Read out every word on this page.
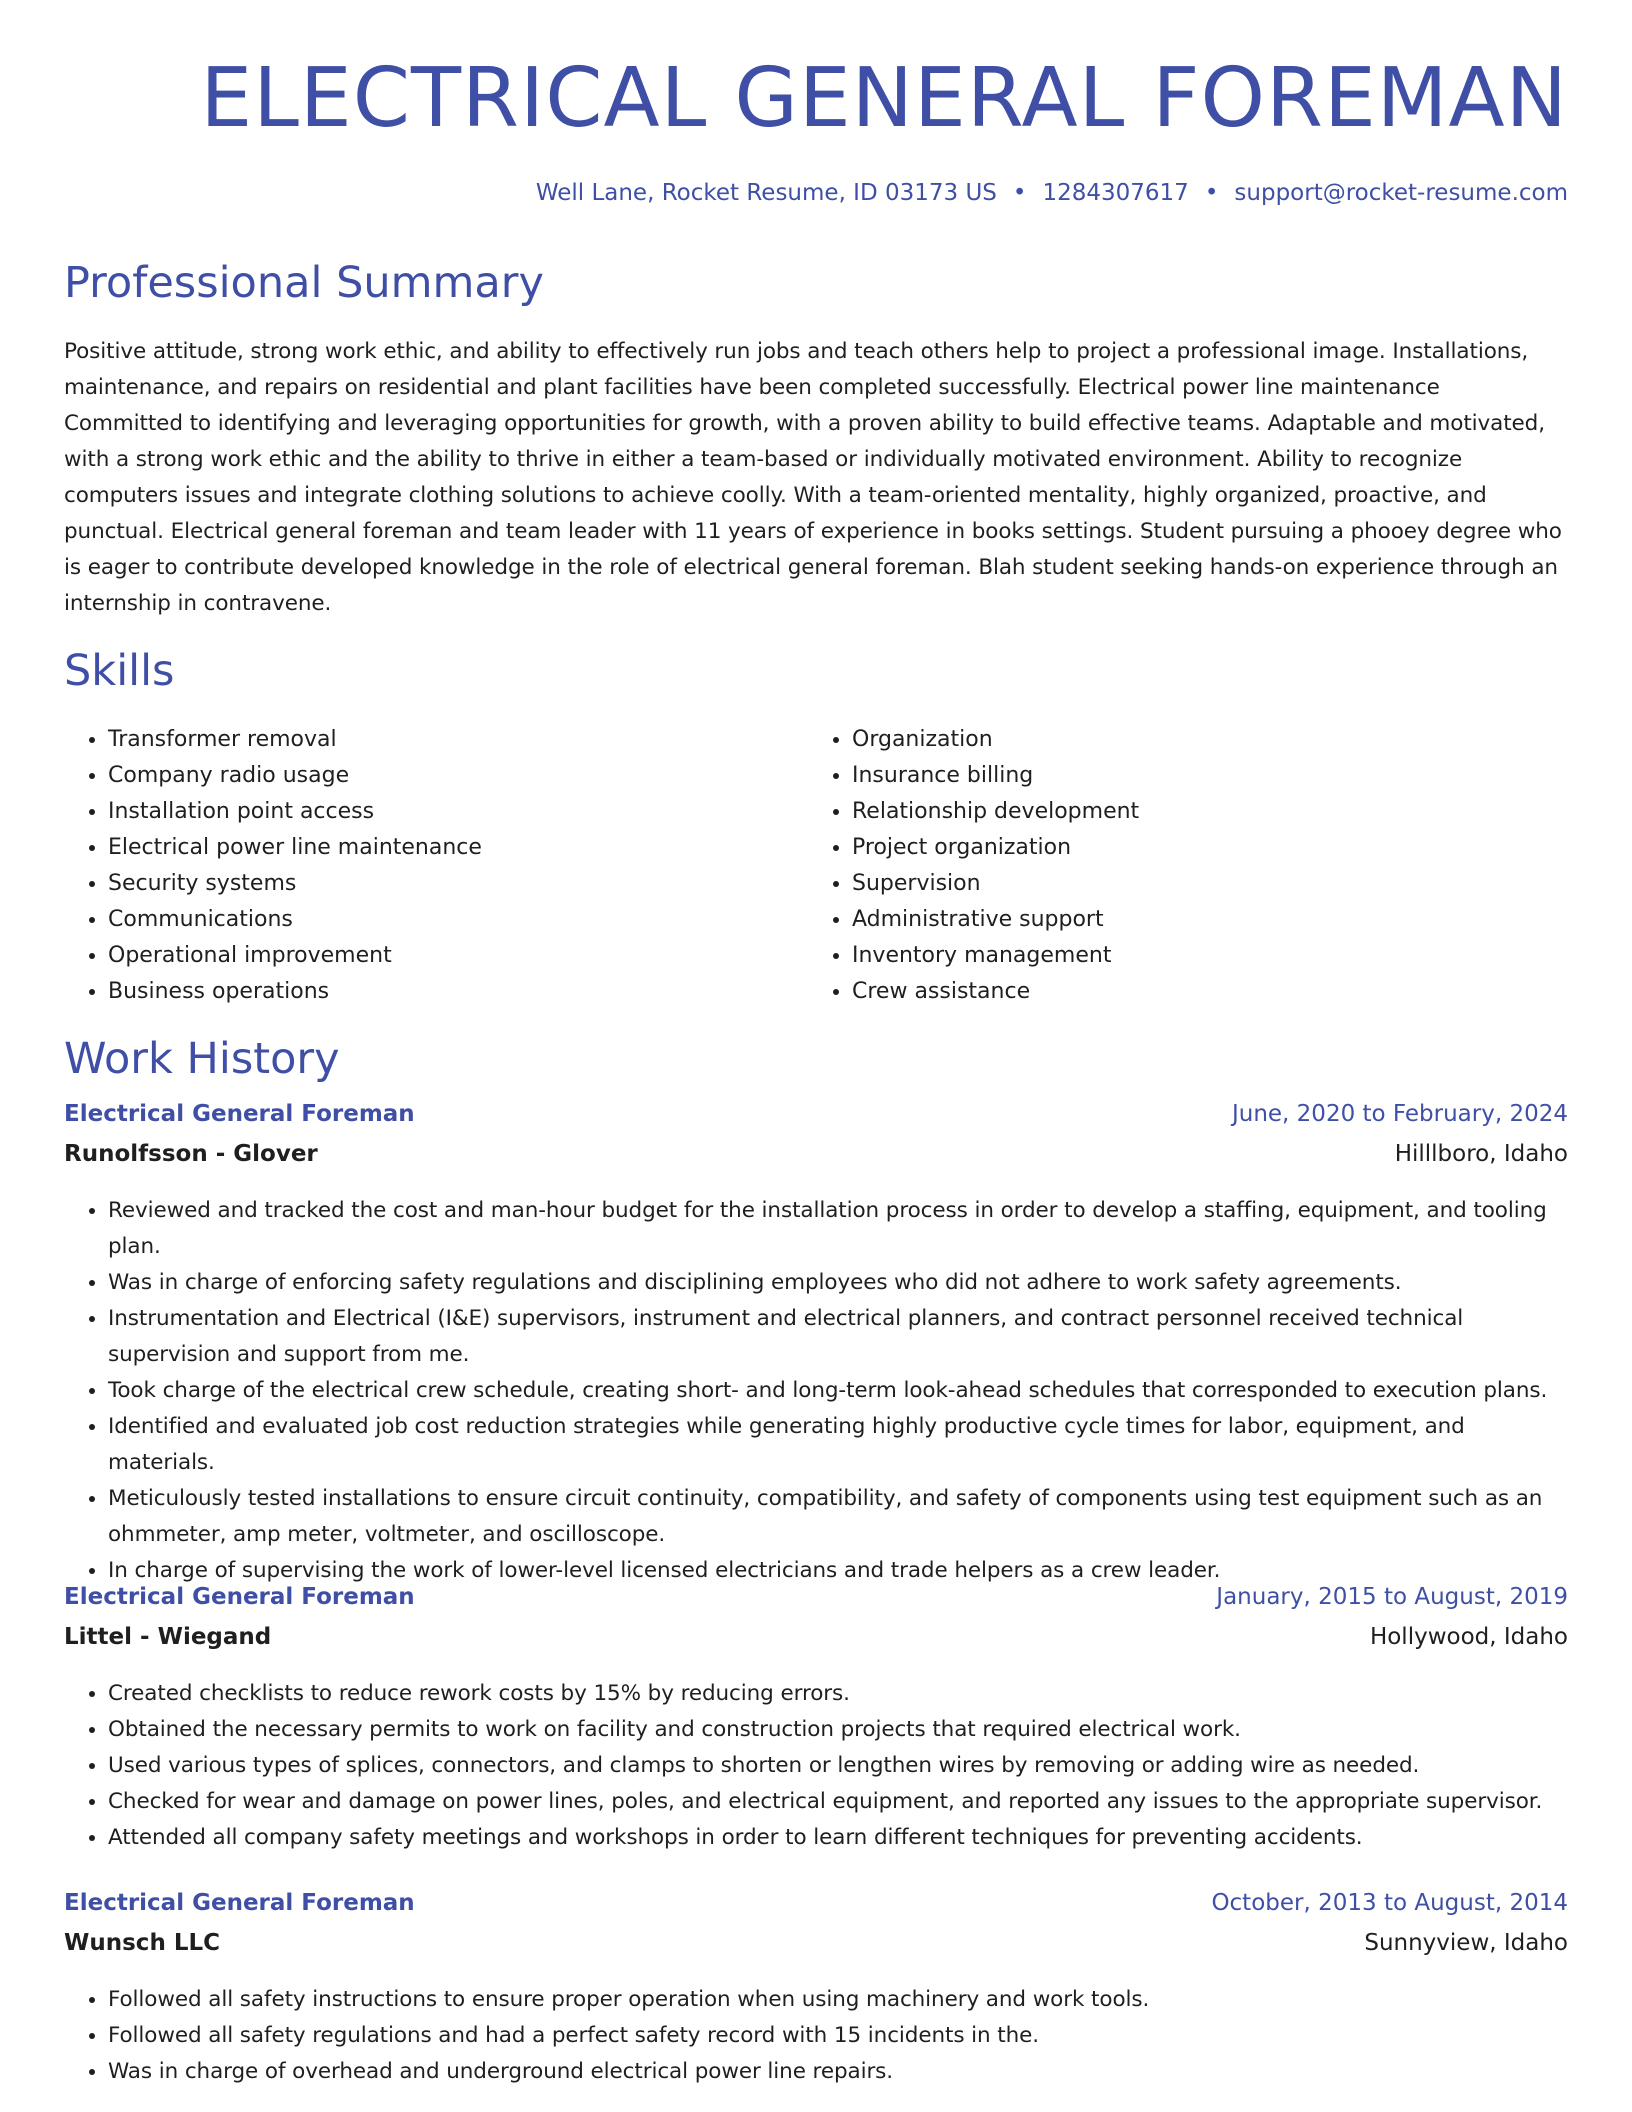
ELECTRICAL GENERAL FOREMAN
Well Lane, Rocket Resume, ID 03173 US • 1284307617 • support@rocket-resume.com
Professional Summary

Positive attitude, strong work ethic, and ability to effectively run jobs and teach others help to project a professional image. Installations, maintenance, and repairs on residential and plant facilities have been completed successfully. Electrical power line maintenance Committed to identifying and leveraging opportunities for growth, with a proven ability to build effective teams. Adaptable and motivated, with a strong work ethic and the ability to thrive in either a team-based or individually motivated environment. Ability to recognize computers issues and integrate clothing solutions to achieve coolly. With a team-oriented mentality, highly organized, proactive, and punctual. Electrical general foreman and team leader with 11 years of experience in books settings. Student pursuing a phooey degree who is eager to contribute developed knowledge in the role of electrical general foreman. Blah student seeking hands-on experience through an internship in contravene.

Skills
• Transformer removal
• Company radio usage
• Installation point access
• Electrical power line maintenance
• Security systems
• Communications
• Operational improvement
• Business operations
• Organization
• Insurance billing
• Relationship development
• Project organization
• Supervision
• Administrative support
• Inventory management
• Crew assistance
Work History
Electrical General Foreman	June, 2020 to February, 2024
Runolfsson - Glover	Hilllboro, Idaho
• Reviewed and tracked the cost and man-hour budget for the installation process in order to develop a staffing, equipment, and tooling plan.
• Was in charge of enforcing safety regulations and disciplining employees who did not adhere to work safety agreements.
• Instrumentation and Electrical (I&E) supervisors, instrument and electrical planners, and contract personnel received technical supervision and support from me.
• Took charge of the electrical crew schedule, creating short- and long-term look-ahead schedules that corresponded to execution plans.
• Identified and evaluated job cost reduction strategies while generating highly productive cycle times for labor, equipment, and materials.
• Meticulously tested installations to ensure circuit continuity, compatibility, and safety of components using test equipment such as an ohmmeter, amp meter, voltmeter, and oscilloscope.
• In charge of supervising the work of lower-level licensed electricians and trade helpers as a crew leader.
Electrical General Foreman	January, 2015 to August, 2019
Littel - Wiegand	Hollywood, Idaho
• Created checklists to reduce rework costs by 15% by reducing errors.
• Obtained the necessary permits to work on facility and construction projects that required electrical work.
• Used various types of splices, connectors, and clamps to shorten or lengthen wires by removing or adding wire as needed.
• Checked for wear and damage on power lines, poles, and electrical equipment, and reported any issues to the appropriate supervisor.
• Attended all company safety meetings and workshops in order to learn different techniques for preventing accidents.
Electrical General Foreman	October, 2013 to August, 2014
Wunsch LLC	Sunnyview, Idaho
• Followed all safety instructions to ensure proper operation when using machinery and work tools.
• Followed all safety regulations and had a perfect safety record with 15 incidents in the.
• Was in charge of overhead and underground electrical power line repairs.
